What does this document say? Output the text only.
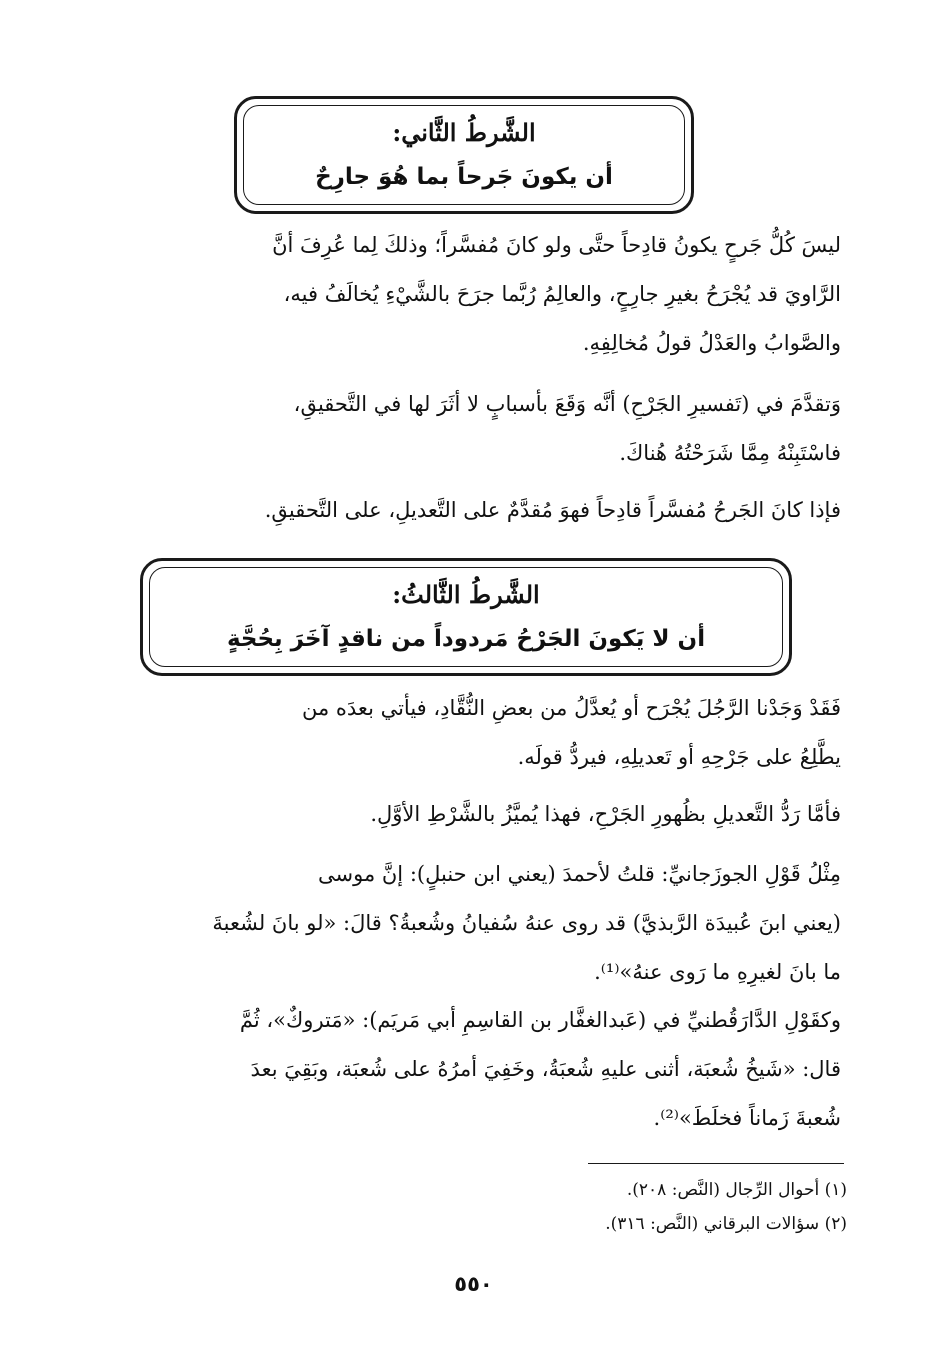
الشَّرطُ الثَّاني:
أن يكونَ جَرحاً بما هُوَ جارِحٌ
ليسَ كُلُّ جَرحٍ يكونُ قادِحاً حتَّى ولو كانَ مُفسَّراً؛ وذلكَ لِما عُرِفَ أنَّ
الرَّاويَ قد يُجْرَحُ بغيرِ جارِحٍ، والعالِمُ رُبَّما جرَحَ بالشَّيْءِ يُخالَفُ فيه،
والصَّوابُ والعَدْلُ قولُ مُخالِفِهِ.
وَتقدَّمَ في (تَفسيرِ الجَرْحِ) أنَّه وَقَعَ بأسبابٍ لا أثَرَ لها في التَّحقيقِ،
فاسْتَبِنْهُ مِمَّا شَرَحْتُهُ هُناكَ.
فإذا كانَ الجَرحُ مُفسَّراً قادِحاً فهوَ مُقدَّمٌ على التَّعديلِ، على التَّحقيقِ.
الشَّرطُ الثَّالثُ:
أن لا يَكونَ الجَرْحُ مَردوداً من ناقدٍ آخَرَ بِحُجَّةٍ
فَقَدْ وَجَدْنا الرَّجُلَ يُجْرَح أو يُعدَّلُ من بعضِ النُّقَّادِ، فيأتي بعدَه من
يطَّلِعُ على جَرْحِهِ أو تَعديلِهِ، فيردُّ قولَه.
فأمَّا رَدُّ التَّعديلِ بظُهورِ الجَرْحِ، فهذا يُميَّزُ بالشَّرْطِ الأوَّلِ.
مِثْلُ قَوْلِ الجوزَجانيِّ: قلتُ لأحمدَ (يعني ابن حنبلٍ): إنَّ موسى
(يعني ابنَ عُبيدَة الرَّبذيَّ) قد روى عنهُ سُفيانُ وشُعبةُ؟ قالَ: «لو بانَ لشُعبةَ
ما بانَ لغيرِهِ ما رَوى عنهُ»⁽¹⁾.
وكقَوْلِ الدَّارَقُطنيِّ في (عَبدالغفَّار بن القاسِمِ أبي مَريَم): «مَتروكٌ»، ثُمَّ
قال: «شَيخُ شُعبَة، أثنى عليهِ شُعبَةُ، وخَفِيَ أمرُهُ على شُعبَة، وبَقِيَ بعدَ
شُعبةَ زَماناً فخلَطَ»⁽²⁾.
(١) أحوال الرِّجال (النَّص: ٢٠٨).
(٢) سؤالات البرقاني (النَّص: ٣١٦).
٥٥٠
